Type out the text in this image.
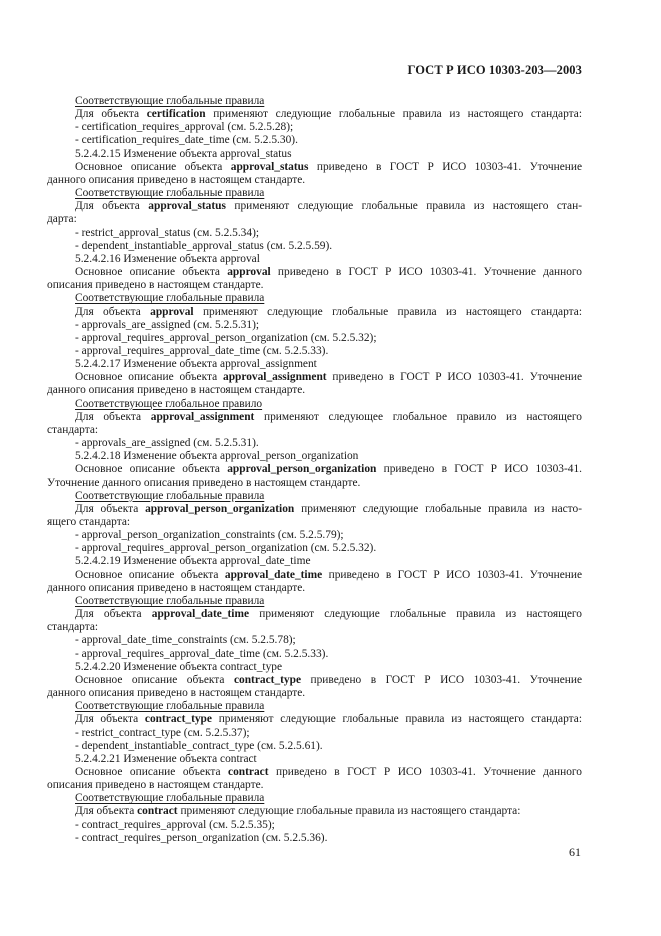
ГОСТ Р ИСО 10303-203—2003
Соответствующие глобальные правила
Для объекта certification применяют следующие глобальные правила из настоящего стандарта:
- certification_requires_approval (см. 5.2.5.28);
- certification_requires_date_time (см. 5.2.5.30).
5.2.4.2.15 Изменение объекта approval_status
Основное описание объекта approval_status приведено в ГОСТ Р ИСО 10303-41. Уточнение
данного описания приведено в настоящем стандарте.
Соответствующие глобальные правила
Для объекта approval_status применяют следующие глобальные правила из настоящего стан-
дарта:
- restrict_approval_status (см. 5.2.5.34);
- dependent_instantiable_approval_status (см. 5.2.5.59).
5.2.4.2.16 Изменение объекта approval
Основное описание объекта approval приведено в ГОСТ Р ИСО 10303-41. Уточнение данного
описания приведено в настоящем стандарте.
Соответствующие глобальные правила
Для объекта approval применяют следующие глобальные правила из настоящего стандарта:
- approvals_are_assigned (см. 5.2.5.31);
- approval_requires_approval_person_organization (см. 5.2.5.32);
- approval_requires_approval_date_time (см. 5.2.5.33).
5.2.4.2.17 Изменение объекта approval_assignment
Основное описание объекта approval_assignment приведено в ГОСТ Р ИСО 10303-41. Уточнение
данного описания приведено в настоящем стандарте.
Соответствующее глобальное правило
Для объекта approval_assignment применяют следующее глобальное правило из настоящего
стандарта:
- approvals_are_assigned (см. 5.2.5.31).
5.2.4.2.18 Изменение объекта approval_person_organization
Основное описание объекта approval_person_organization приведено в ГОСТ Р ИСО 10303-41.
Уточнение данного описания приведено в настоящем стандарте.
Соответствующие глобальные правила
Для объекта approval_person_organization применяют следующие глобальные правила из насто-
ящего стандарта:
- approval_person_organization_constraints (см. 5.2.5.79);
- approval_requires_approval_person_organization (см. 5.2.5.32).
5.2.4.2.19 Изменение объекта approval_date_time
Основное описание объекта approval_date_time приведено в ГОСТ Р ИСО 10303-41. Уточнение
данного описания приведено в настоящем стандарте.
Соответствующие глобальные правила
Для объекта approval_date_time применяют следующие глобальные правила из настоящего
стандарта:
- approval_date_time_constraints (см. 5.2.5.78);
- approval_requires_approval_date_time (см. 5.2.5.33).
5.2.4.2.20 Изменение объекта contract_type
Основное описание объекта contract_type приведено в ГОСТ Р ИСО 10303-41. Уточнение
данного описания приведено в настоящем стандарте.
Соответствующие глобальные правила
Для объекта contract_type применяют следующие глобальные правила из настоящего стандарта:
- restrict_contract_type (см. 5.2.5.37);
- dependent_instantiable_contract_type (см. 5.2.5.61).
5.2.4.2.21 Изменение объекта contract
Основное описание объекта contract приведено в ГОСТ Р ИСО 10303-41. Уточнение данного
описания приведено в настоящем стандарте.
Соответствующие глобальные правила
Для объекта contract применяют следующие глобальные правила из настоящего стандарта:
- contract_requires_approval (см. 5.2.5.35);
- contract_requires_person_organization (см. 5.2.5.36).
61
